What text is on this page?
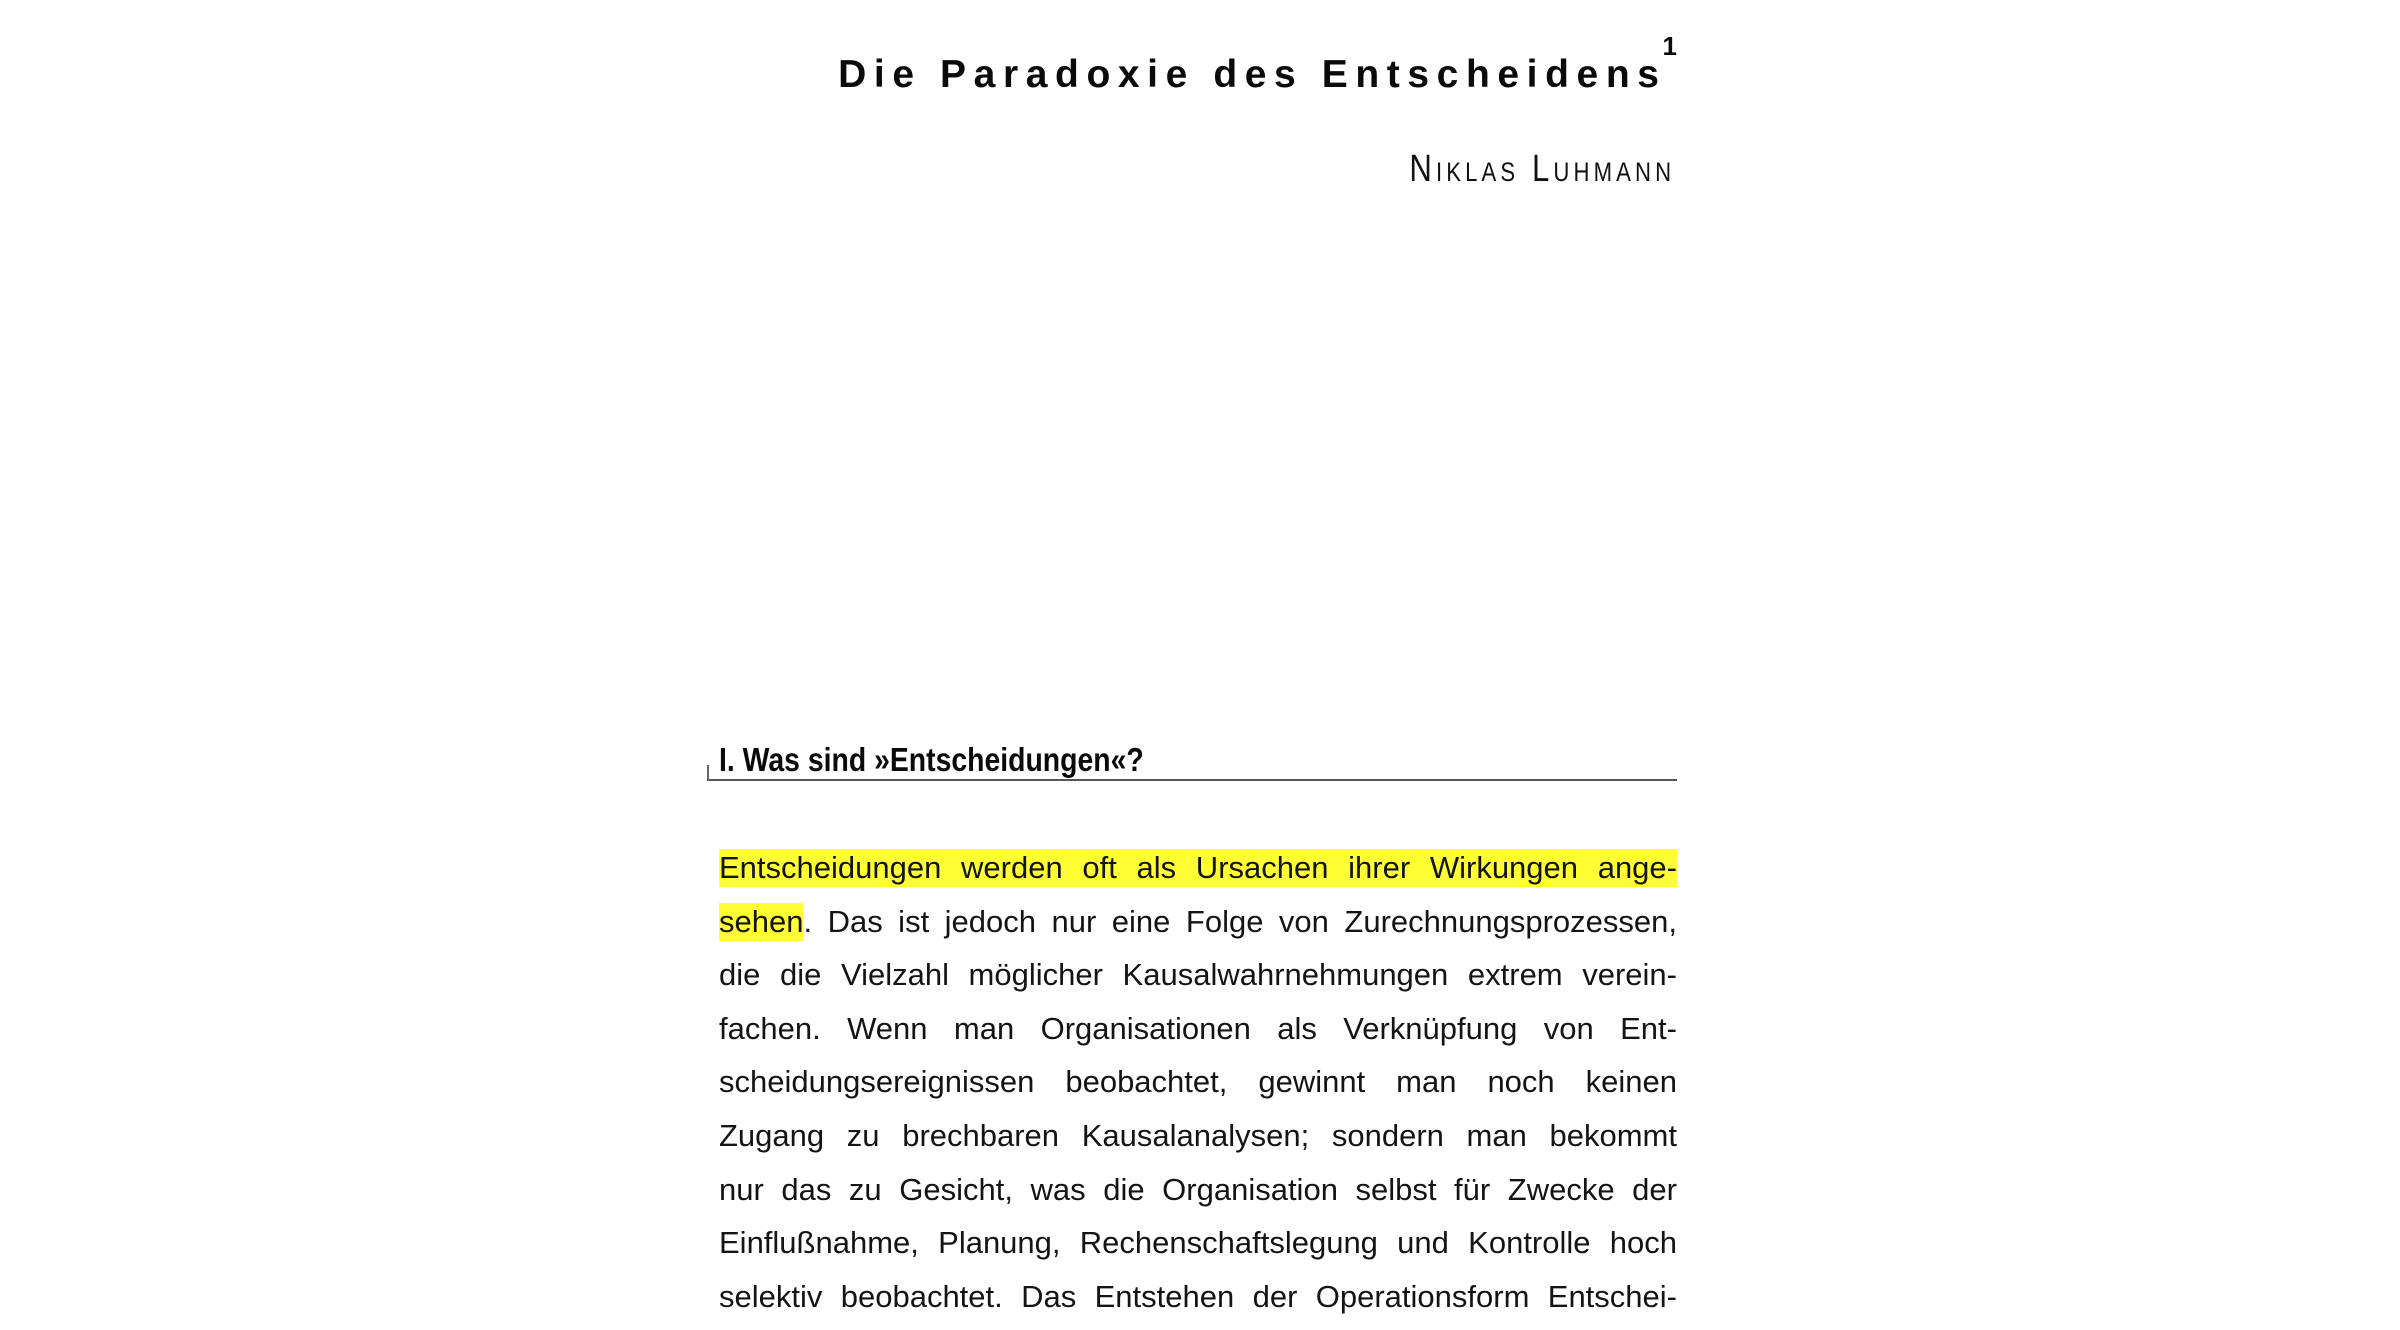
Die Paradoxie des Entscheidens$^1$
Niklas Luhmann
I. Was sind »Entscheidungen«?
Entscheidungen werden oft als Ursachen ihrer Wirkungen ange-
sehen. Das ist jedoch nur eine Folge von Zurechnungsprozessen,
die die Vielzahl möglicher Kausalwahrnehmungen extrem verein-
fachen. Wenn man Organisationen als Verknüpfung von Ent-
scheidungsereignissen beobachtet, gewinnt man noch keinen
Zugang zu brechbaren Kausalanalysen; sondern man bekommt
nur das zu Gesicht, was die Organisation selbst für Zwecke der
Einflußnahme, Planung, Rechenschaftslegung und Kontrolle hoch
selektiv beobachtet. Das Entstehen der Operationsform Entschei-
